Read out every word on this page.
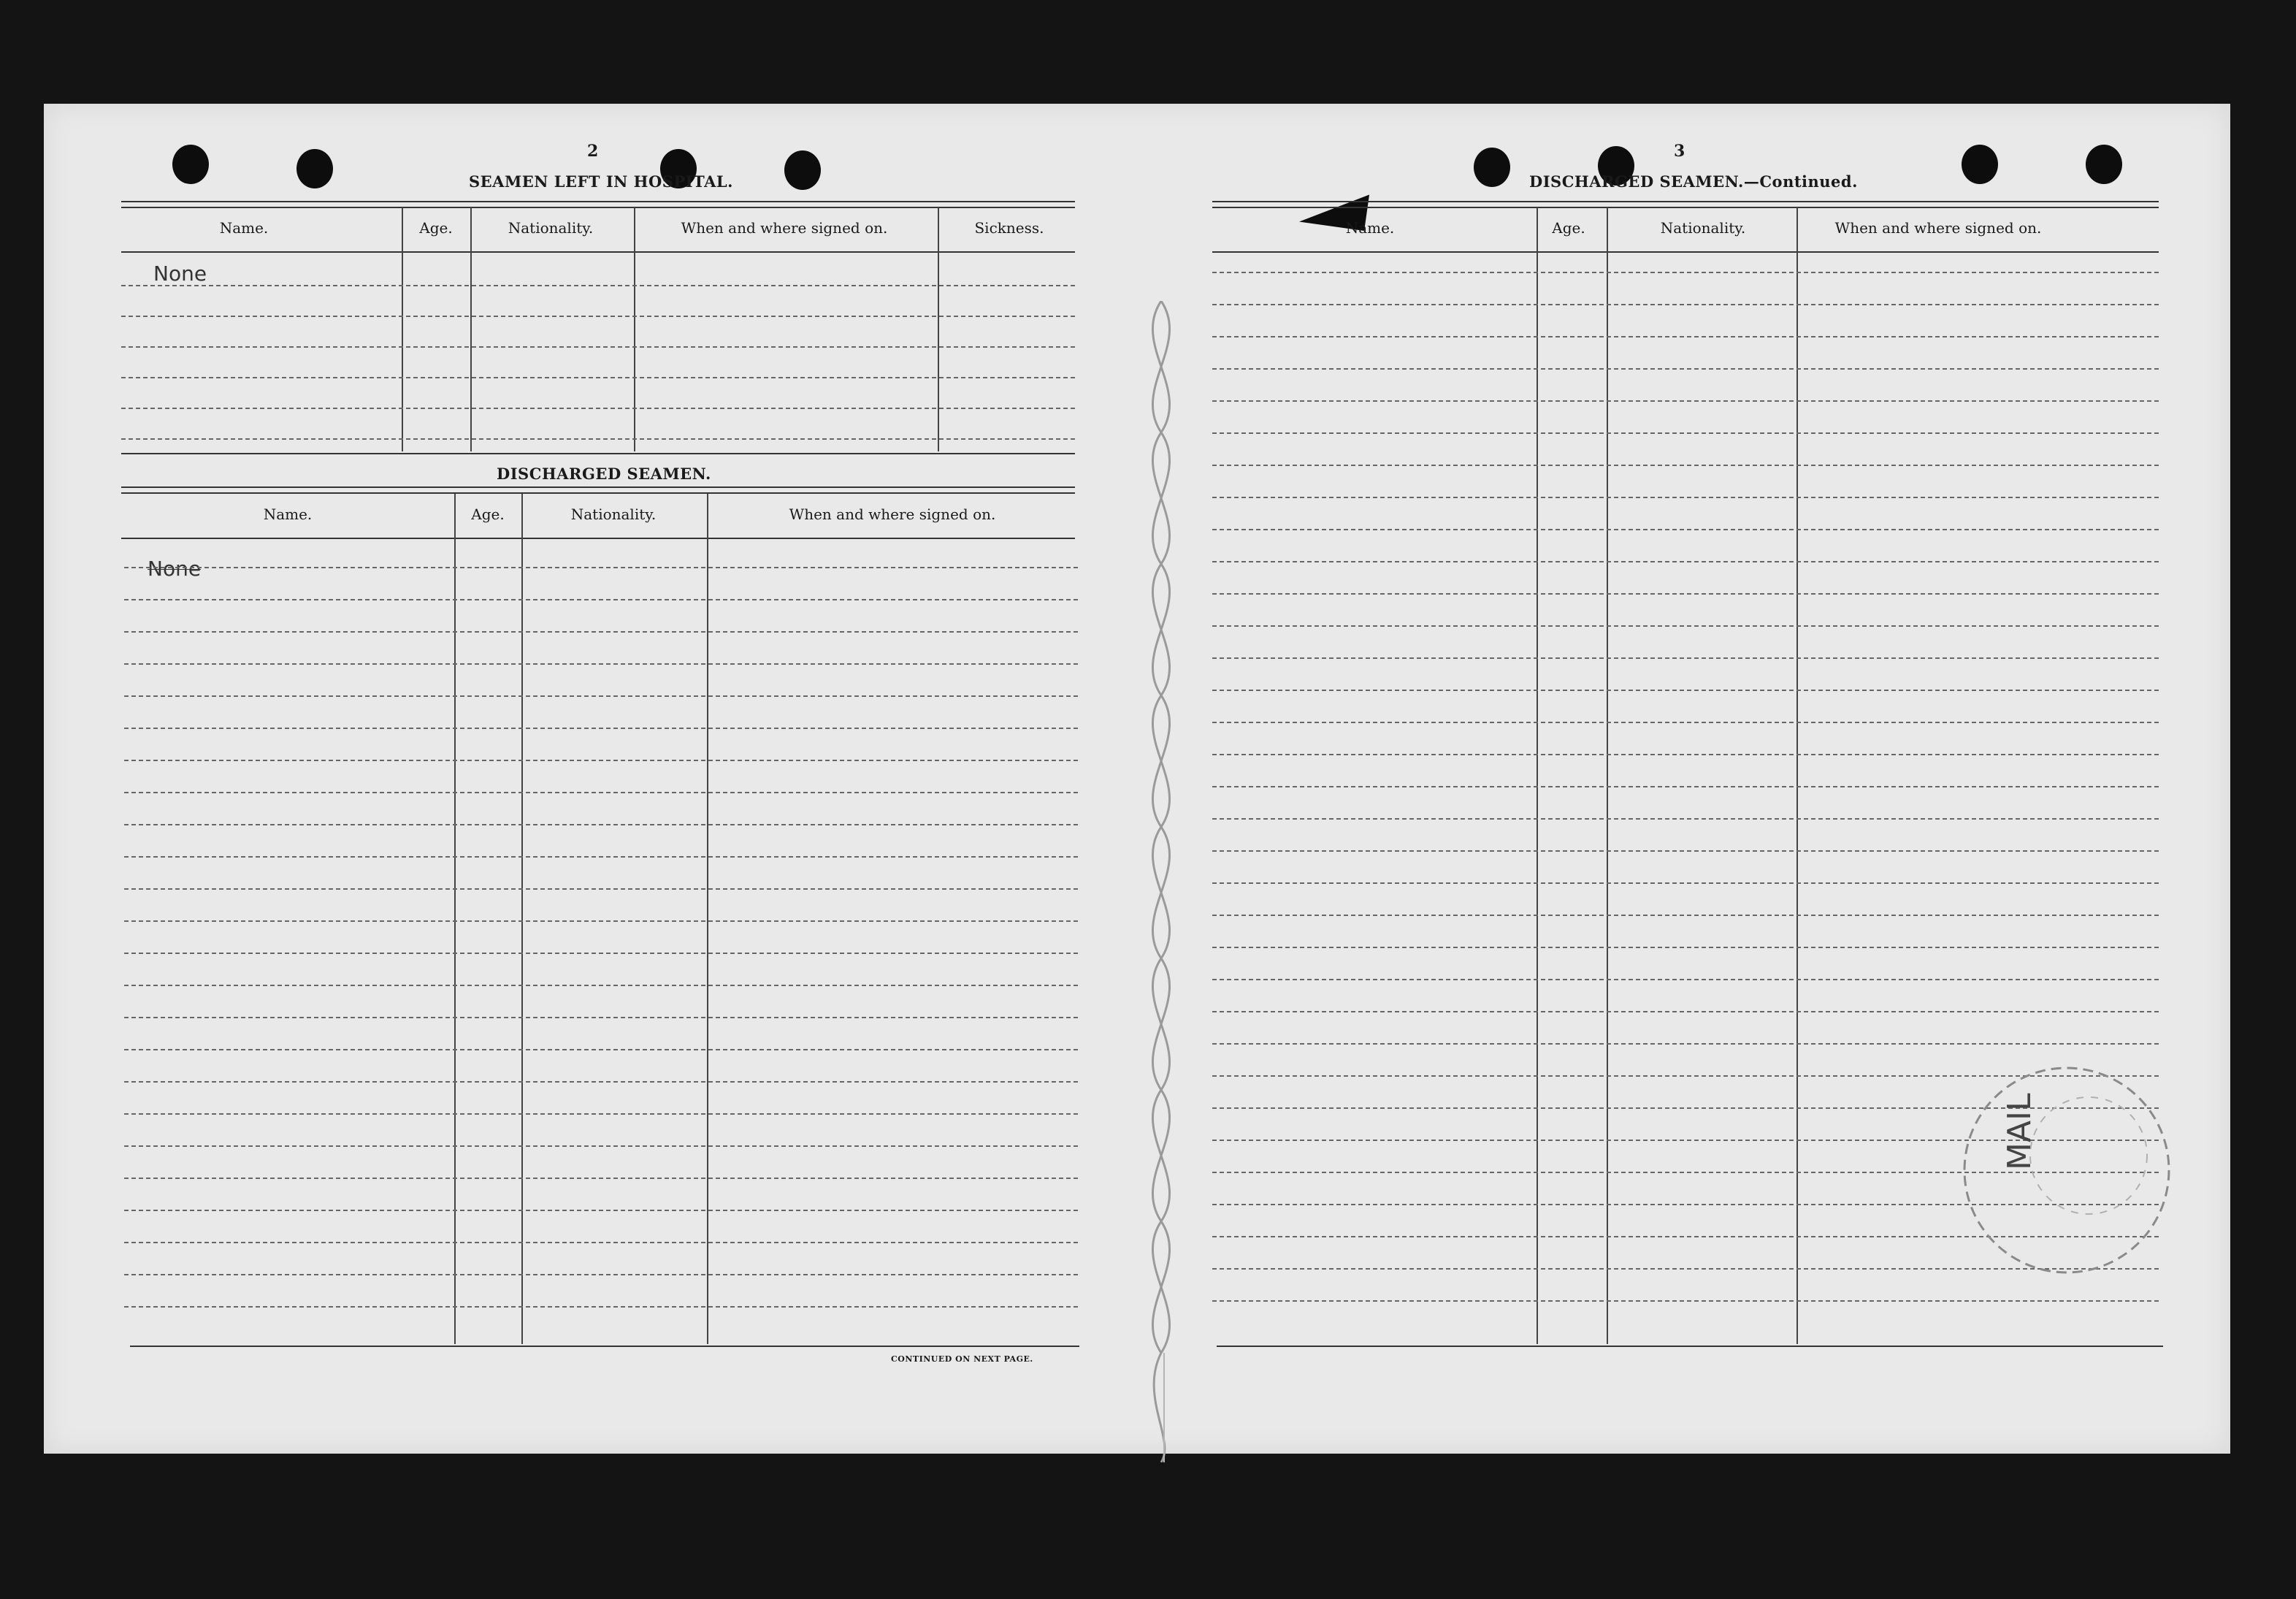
2
SEAMEN LEFT IN HOSPITAL.
Name.	Age.	Nationality.	When and where signed on.	Sickness.
None
DISCHARGED SEAMEN.
Name.	Age.	Nationality.	When and where signed on.
None
CONTINUED ON NEXT PAGE.
3
DISCHARGED SEAMEN.—Continued.
Name.	Age.	Nationality.	When and where signed on.
MAIL
